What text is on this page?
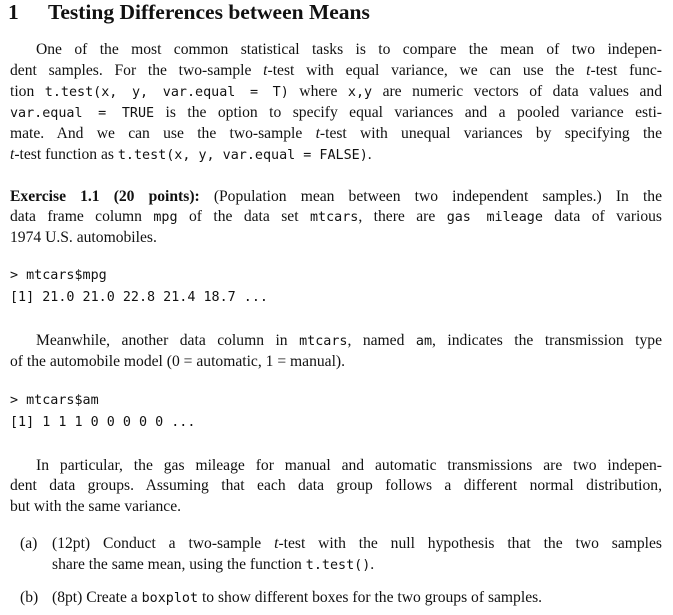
1 Testing Differences between Means
One of the most common statistical tasks is to compare the mean of two indepen-
dent samples. For the two-sample t-test with equal variance, we can use the t-test func-
tion t.test(x, y, var.equal = T) where x,y are numeric vectors of data values and
var.equal = TRUE is the option to specify equal variances and a pooled variance esti-
mate. And we can use the two-sample t-test with unequal variances by specifying the
t-test function as t.test(x, y, var.equal = FALSE).
Exercise 1.1 (20 points): (Population mean between two independent samples.) In the
data frame column mpg of the data set mtcars, there are gas mileage data of various
1974 U.S. automobiles.
> mtcars$mpg
[1] 21.0 21.0 22.8 21.4 18.7 ...
Meanwhile, another data column in mtcars, named am, indicates the transmission type
of the automobile model (0 = automatic, 1 = manual).
> mtcars$am
[1] 1 1 1 0 0 0 0 0 ...
In particular, the gas mileage for manual and automatic transmissions are two indepen-
dent data groups. Assuming that each data group follows a different normal distribution,
but with the same variance.
(a) (12pt) Conduct a two-sample t-test with the null hypothesis that the two samples
share the same mean, using the function t.test().
(b) (8pt) Create a boxplot to show different boxes for the two groups of samples.
